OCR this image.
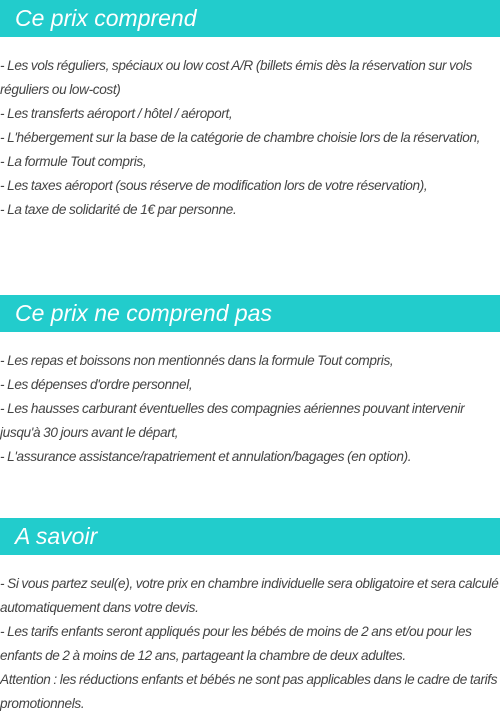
Ce prix comprend
- Les vols réguliers, spéciaux ou low cost A/R (billets émis dès la réservation sur vols réguliers ou low-cost)
- Les transferts aéroport / hôtel / aéroport,
- L'hébergement sur la base de la catégorie de chambre choisie lors de la réservation,
- La formule Tout compris,
- Les taxes aéroport (sous réserve de modification lors de votre réservation),
- La taxe de solidarité de 1€ par personne.
Ce prix ne comprend pas
- Les repas et boissons non mentionnés dans la formule Tout compris,
- Les dépenses d'ordre personnel,
- Les hausses carburant éventuelles des compagnies aériennes pouvant intervenir jusqu'à 30 jours avant le départ,
- L'assurance assistance/rapatriement et annulation/bagages (en option).
A savoir
- Si vous partez seul(e), votre prix en chambre individuelle sera obligatoire et sera calculé automatiquement dans votre devis.
- Les tarifs enfants seront appliqués pour les bébés de moins de 2 ans et/ou pour les enfants de 2 à moins de 12 ans, partageant la chambre de deux adultes.
Attention : les réductions enfants et bébés ne sont pas applicables dans le cadre de tarifs promotionnels.
